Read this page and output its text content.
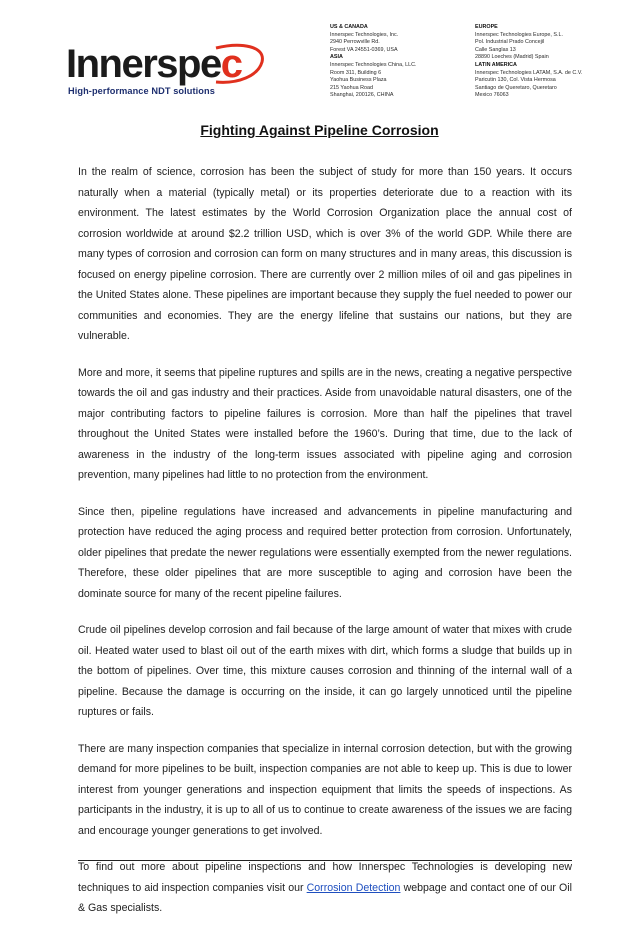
Innerspec
High-performance NDT solutions
US & CANADA
Innerspec Technologies, Inc.
2940 Perrowville Rd.
Forest VA 24551-0369, USA
ASIA
Innerspec Technologies China, LLC.
Room 311, Building 6
Yaohua Business Plaza
215 Yaohua Road
Shanghai, 200126, CHINA
EUROPE
Innerspec Technologies Europe, S.L.
Pol. Industrial Prado Concejil
Calle Sanglas 13
28890 Loeches (Madrid) Spain
LATIN AMERICA
Innerspec Technologies LATAM, S.A. de C.V.
Paricutin 130, Col. Vista Hermosa
Santiago de Queretaro, Queretaro
Mexico 76063
Fighting Against Pipeline Corrosion

In the realm of science, corrosion has been the subject of study for more than 150 years. It occurs naturally when a material (typically metal) or its properties deteriorate due to a reaction with its environment. The latest estimates by the World Corrosion Organization place the annual cost of corrosion worldwide at around $2.2 trillion USD, which is over 3% of the world GDP. While there are many types of corrosion and corrosion can form on many structures and in many areas, this discussion is focused on energy pipeline corrosion. There are currently over 2 million miles of oil and gas pipelines in the United States alone. These pipelines are important because they supply the fuel needed to power our communities and economies. They are the energy lifeline that sustains our nations, but they are vulnerable.

More and more, it seems that pipeline ruptures and spills are in the news, creating a negative perspective towards the oil and gas industry and their practices. Aside from unavoidable natural disasters, one of the major contributing factors to pipeline failures is corrosion. More than half the pipelines that travel throughout the United States were installed before the 1960’s. During that time, due to the lack of awareness in the industry of the long-term issues associated with pipeline aging and corrosion prevention, many pipelines had little to no protection from the environment.

Since then, pipeline regulations have increased and advancements in pipeline manufacturing and protection have reduced the aging process and required better protection from corrosion. Unfortunately, older pipelines that predate the newer regulations were essentially exempted from the newer regulations. Therefore, these older pipelines that are more susceptible to aging and corrosion have been the dominate source for many of the recent pipeline failures.

Crude oil pipelines develop corrosion and fail because of the large amount of water that mixes with crude oil. Heated water used to blast oil out of the earth mixes with dirt, which forms a sludge that builds up in the bottom of pipelines. Over time, this mixture causes corrosion and thinning of the internal wall of a pipeline. Because the damage is occurring on the inside, it can go largely unnoticed until the pipeline ruptures or fails.

There are many inspection companies that specialize in internal corrosion detection, but with the growing demand for more pipelines to be built, inspection companies are not able to keep up. This is due to lower interest from younger generations and inspection equipment that limits the speeds of inspections. As participants in the industry, it is up to all of us to continue to create awareness of the issues we are facing and encourage younger generations to get involved.

To find out more about pipeline inspections and how Innerspec Technologies is developing new techniques to aid inspection companies visit our Corrosion Detection webpage and contact one of our Oil & Gas specialists.
